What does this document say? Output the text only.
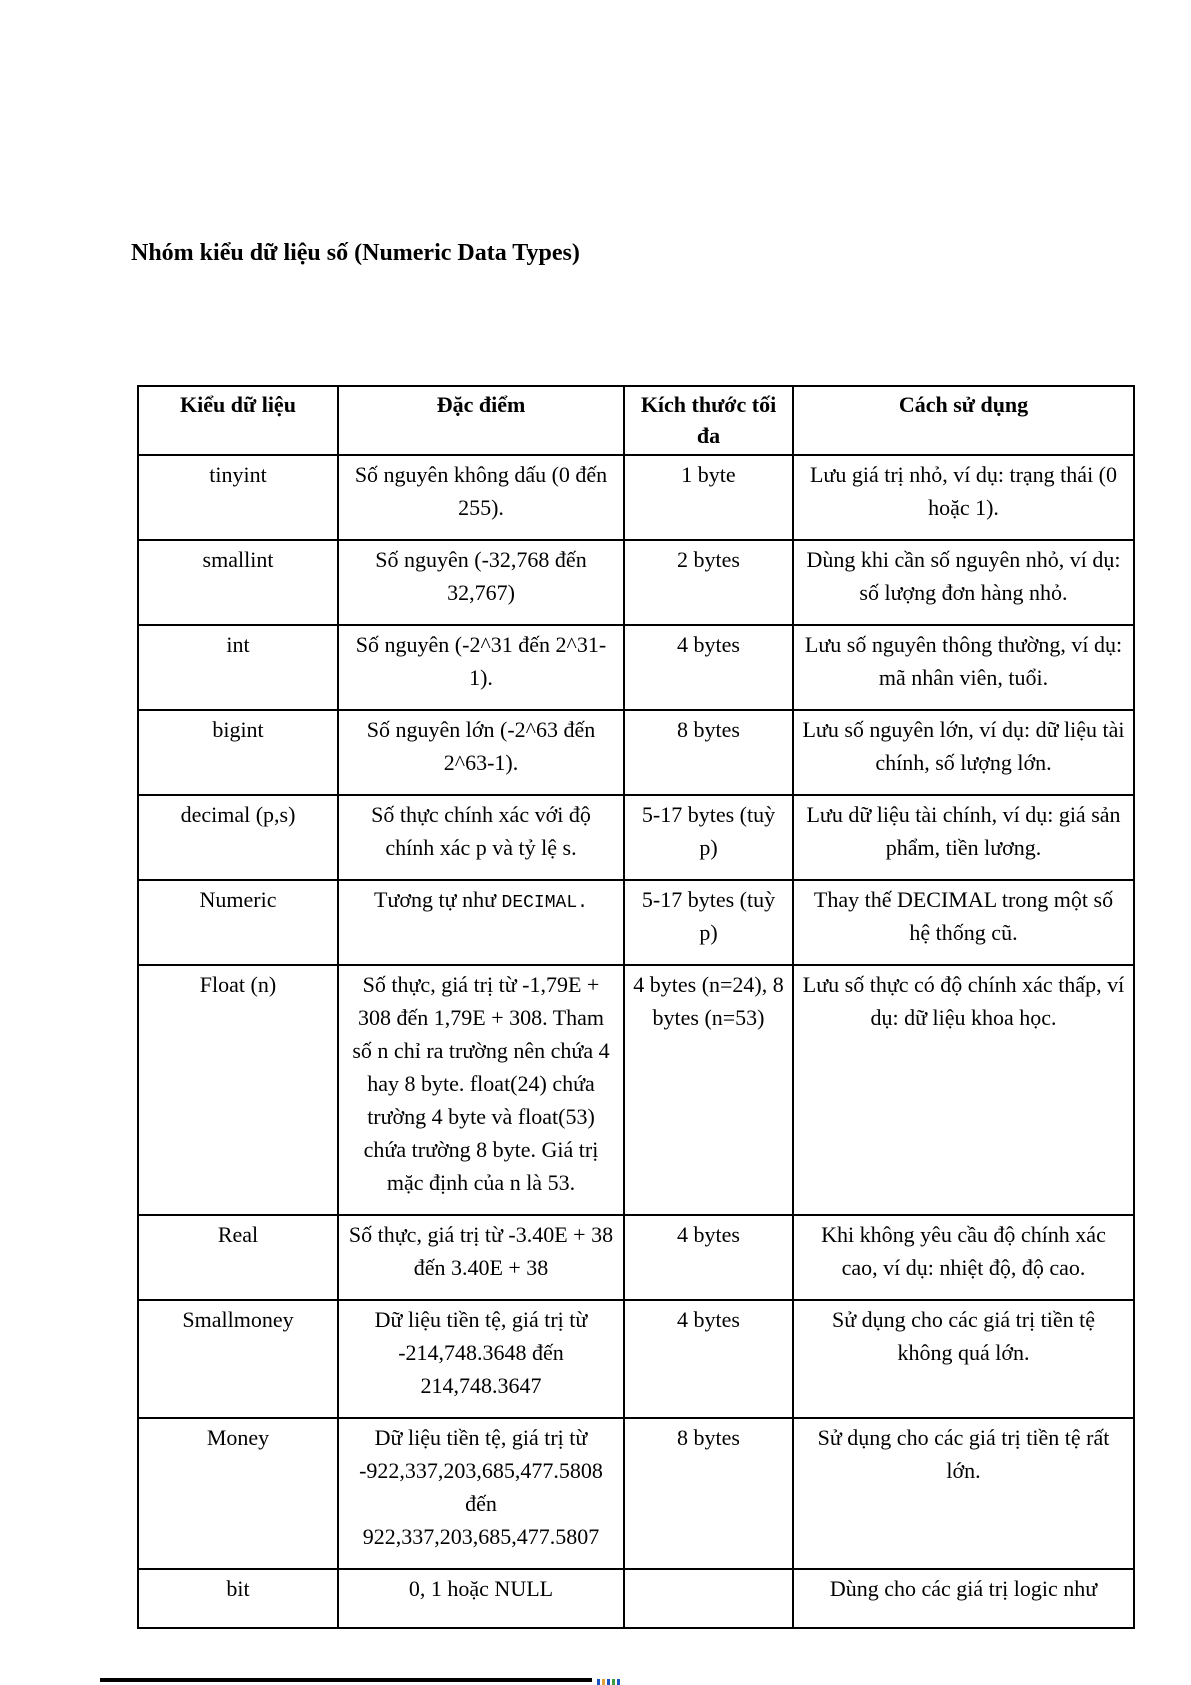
Nhóm kiểu dữ liệu số (Numeric Data Types)
Kiểu dữ liệu	Đặc điểm	Kích thước tối đa	Cách sử dụng
tinyint	Số nguyên không dấu (0 đến 255).	1 byte	Lưu giá trị nhỏ, ví dụ: trạng thái (0 hoặc 1).
smallint	Số nguyên (-32,768 đến 32,767)	2 bytes	Dùng khi cần số nguyên nhỏ, ví dụ: số lượng đơn hàng nhỏ.
int	Số nguyên (-2^31 đến 2^31-1).	4 bytes	Lưu số nguyên thông thường, ví dụ: mã nhân viên, tuổi.
bigint	Số nguyên lớn (-2^63 đến 2^63-1).	8 bytes	Lưu số nguyên lớn, ví dụ: dữ liệu tài chính, số lượng lớn.
decimal (p,s)	Số thực chính xác với độ chính xác p và tỷ lệ s.	5-17 bytes (tuỳ p)	Lưu dữ liệu tài chính, ví dụ: giá sản phẩm, tiền lương.
Numeric	Tương tự như DECIMAL.	5-17 bytes (tuỳ p)	Thay thế DECIMAL trong một số hệ thống cũ.
Float (n)	Số thực, giá trị từ -1,79E + 308 đến 1,79E + 308. Tham số n chỉ ra trường nên chứa 4 hay 8 byte. float(24) chứa trường 4 byte và float(53) chứa trường 8 byte. Giá trị mặc định của n là 53.	4 bytes (n=24), 8 bytes (n=53)	Lưu số thực có độ chính xác thấp, ví dụ: dữ liệu khoa học.
Real	Số thực, giá trị từ -3.40E + 38 đến 3.40E + 38	4 bytes	Khi không yêu cầu độ chính xác cao, ví dụ: nhiệt độ, độ cao.
Smallmoney	Dữ liệu tiền tệ, giá trị từ -214,748.3648 đến 214,748.3647	4 bytes	Sử dụng cho các giá trị tiền tệ không quá lớn.
Money	Dữ liệu tiền tệ, giá trị từ -922,337,203,685,477.5808 đến 922,337,203,685,477.5807	8 bytes	Sử dụng cho các giá trị tiền tệ rất lớn.
bit	0, 1 hoặc NULL		Dùng cho các giá trị logic như
